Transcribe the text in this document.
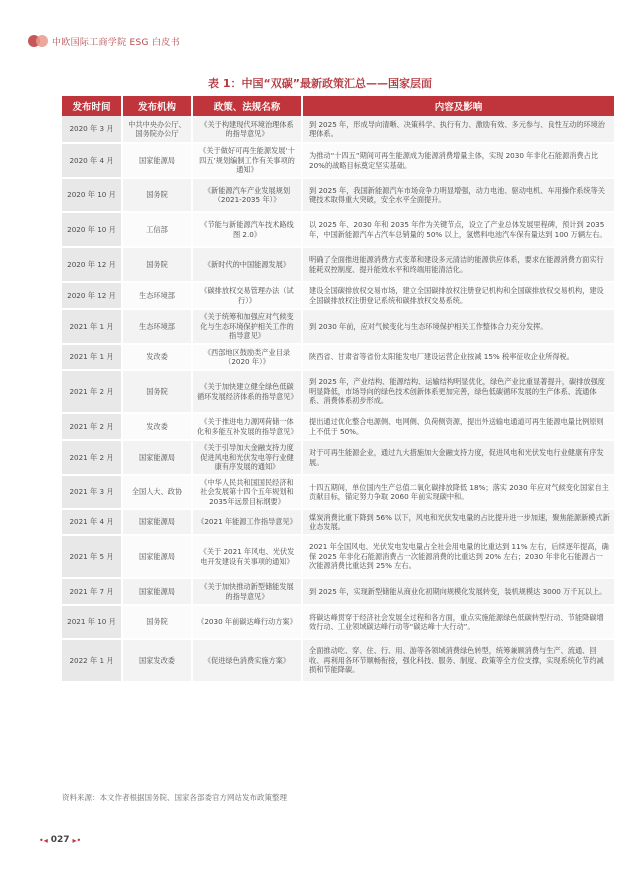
中欧国际工商学院 ESG 白皮书
表 1：中国“双碳”最新政策汇总——国家层面
发布时间	发布机构	政策、法规名称	内容及影响
2020 年 3 月	中共中央办公厅、国务院办公厅	《关于构建现代环境治理体系的指导意见》	到 2025 年，形成导向清晰、决策科学、执行有力、激励有效、多元参与、良性互动的环境治理体系。
2020 年 4 月	国家能源局	《关于做好可再生能源发展‘十四五’规划编制工作有关事项的通知》	为推动“十四五”期间可再生能源成为能源消费增量主体，实现 2030 年非化石能源消费占比20%的战略目标奠定坚实基础。
2020 年 10 月	国务院	《新能源汽车产业发展规划（2021-2035 年）》	到 2025 年，我国新能源汽车市场竞争力明显增强，动力电池、驱动电机、车用操作系统等关键技术取得重大突破，安全水平全面提升。
2020 年 10 月	工信部	《节能与新能源汽车技术路线图 2.0》	以 2025 年、2030 年和 2035 年作为关键节点，设立了产业总体发展里程碑，预计到 2035 年，中国新能源汽车占汽车总销量的 50% 以上，氢燃料电池汽车保有量达到 100 万辆左右。
2020 年 12 月	国务院	《新时代的中国能源发展》	明确了全面推进能源消费方式变革和建设多元清洁的能源供应体系，要求在能源消费方面实行能耗双控制度、提升能效水平和终端用能清洁化。
2020 年 12 月	生态环境部	《碳排放权交易管理办法（试行）》	建设全国碳排放权交易市场，建立全国碳排放权注册登记机构和全国碳排放权交易机构，建设全国碳排放权注册登记系统和碳排放权交易系统。
2021 年 1 月	生态环境部	《关于统筹和加强应对气候变化与生态环境保护相关工作的指导意见》	到 2030 年前，应对气候变化与生态环境保护相关工作整体合力充分发挥。
2021 年 1 月	发改委	《西部地区鼓励类产业目录（2020 年）》	陕西省、甘肃省等省份太阳能发电厂建设运营企业按减 15% 税率征收企业所得税。
2021 年 2 月	国务院	《关于加快建立健全绿色低碳循环发展经济体系的指导意见》	到 2025 年，产业结构、能源结构、运输结构明显优化，绿色产业比重显著提升，碳排放强度明显降低，市场导向的绿色技术创新体系更加完善，绿色低碳循环发展的生产体系、流通体系、消费体系初步形成。
2021 年 2 月	发改委	《关于推进电力源网荷储一体化和多能互补发展的指导意见》	提出通过优化整合电源侧、电网侧、负荷侧资源，提出外送输电通道可再生能源电量比例原则上不低于 50%。
2021 年 2 月	国家能源局	《关于引导加大金融支持力度促进风电和光伏发电等行业健康有序发展的通知》	对于可再生能源企业，通过九大措施加大金融支持力度，促进风电和光伏发电行业健康有序发展。
2021 年 3 月	全国人大、政协	《中华人民共和国国民经济和社会发展第十四个五年规划和 2035年远景目标纲要》	十四五期间，单位国内生产总值二氧化碳排放降低 18%；落实 2030 年应对气候变化国家自主贡献目标，锚定努力争取 2060 年前实现碳中和。
2021 年 4 月	国家能源局	《2021 年能源工作指导意见》	煤炭消费比重下降到 56% 以下，风电和光伏发电量的占比提升进一步加速，聚焦能源新模式新业态发展。
2021 年 5 月	国家能源局	《关于 2021 年风电、光伏发电开发建设有关事项的通知》	2021 年全国风电、光伏发电发电量占全社会用电量的比重达到 11% 左右，后续逐年提高，确保 2025 年非化石能源消费占一次能源消费的比重达到 20% 左右；2030 年非化石能源占一次能源消费比重达到 25% 左右。
2021 年 7 月	国家能源局	《关于加快推动新型储能发展的指导意见》	到 2025 年，实现新型储能从商业化初期向规模化发展转变，装机规模达 3000 万千瓦以上。
2021 年 10 月	国务院	《2030 年前碳达峰行动方案》	将碳达峰贯穿于经济社会发展全过程和各方面，重点实施能源绿色低碳转型行动、节能降碳增效行动、工业领域碳达峰行动等“碳达峰十大行动”。
2022 年 1 月	国家发改委	《促进绿色消费实施方案》	全面推动吃、穿、住、行、用、游等各领域消费绿色转型，统筹兼顾消费与生产、流通、回收、再利用各环节顺畅衔接，强化科技、服务、制度、政策等全方位支撑，实现系统化节约减损和节能降碳。
资料来源：本文作者根据国务院、国家各部委官方网站发布政策整理
•◂ 027 ▸•
